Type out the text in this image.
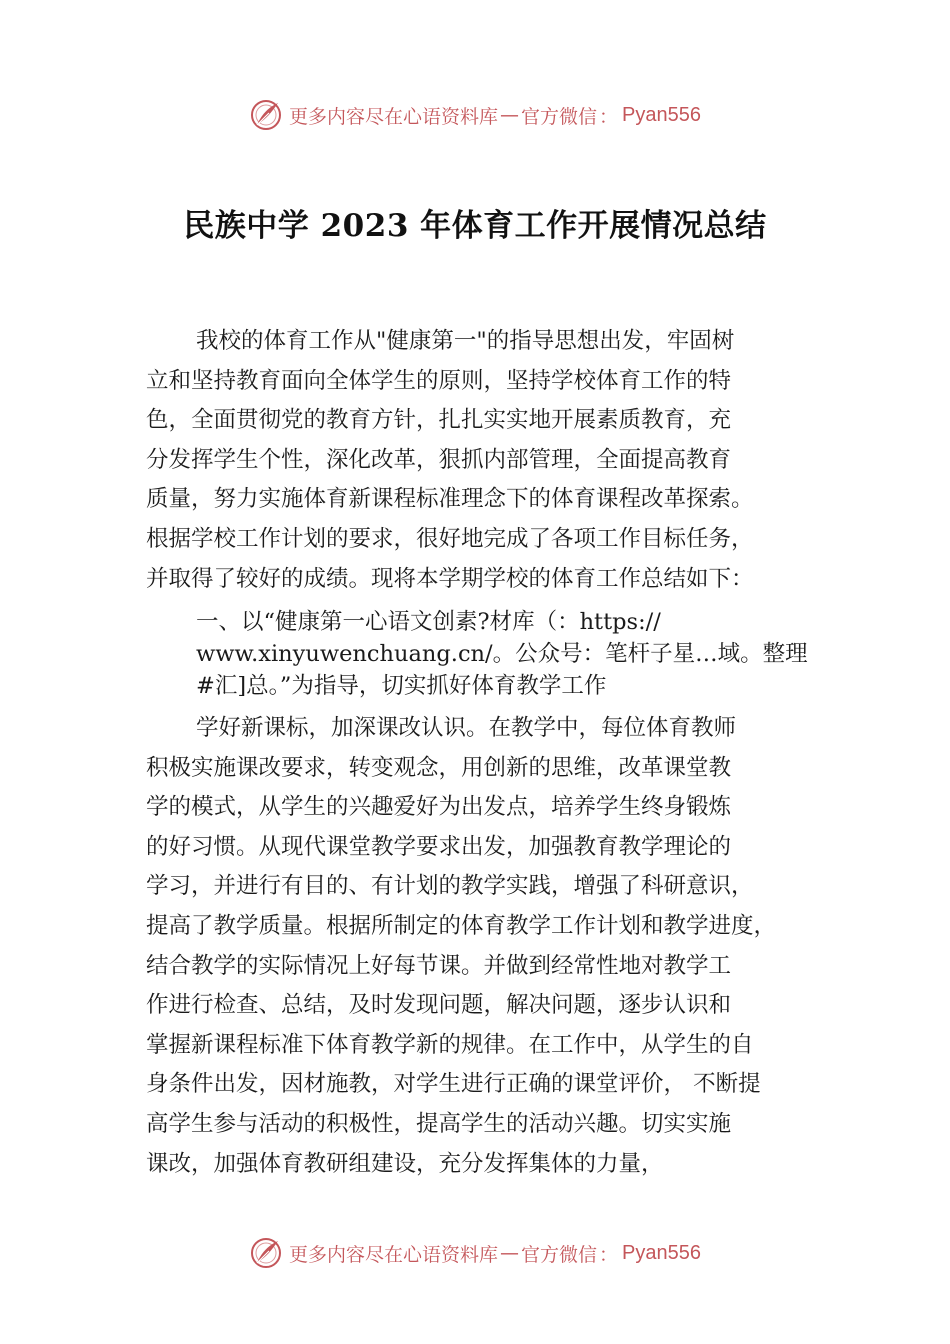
更多内容尽在心语资料库 — 官方微信 ： Pyan556
民族中学 2023 年体育工作开展情况总结
我校的体育工作从"健康第一"的指导思想出发，牢固树
立和坚持教育面向全体学生的原则，坚持学校体育工作的特
色，全面贯彻党的教育方针，扎扎实实地开展素质教育，充
分发挥学生个性，深化改革，狠抓内部管理，全面提高教育
质量，努力实施体育新课程标准理念下的体育课程改革探索。
根据学校工作计划的要求，很好地完成了各项工作目标任务，
并取得了较好的成绩。现将本学期学校的体育工作总结如下：
一、以“健康第一心语文创素?材库（：https://
www.xinyuwenchuang.cn/。公众号：笔杆子星…域。整理
#汇]总。”为指导，切实抓好体育教学工作
学好新课标，加深课改认识。在教学中，每位体育教师
积极实施课改要求，转变观念，用创新的思维，改革课堂教
学的模式，从学生的兴趣爱好为出发点，培养学生终身锻炼
的好习惯。从现代课堂教学要求出发，加强教育教学理论的
学习，并进行有目的、有计划的教学实践，增强了科研意识，
提高了教学质量。根据所制定的体育教学工作计划和教学进度，
结合教学的实际情况上好每节课。并做到经常性地对教学工
作进行检查、总结，及时发现问题，解决问题，逐步认识和
掌握新课程标准下体育教学新的规律。在工作中，从学生的自
身条件出发，因材施教，对学生进行正确的课堂评价， 不断提
高学生参与活动的积极性，提高学生的活动兴趣。切实实施
课改，加强体育教研组建设，充分发挥集体的力量，
更多内容尽在心语资料库 — 官方微信 ： Pyan556
